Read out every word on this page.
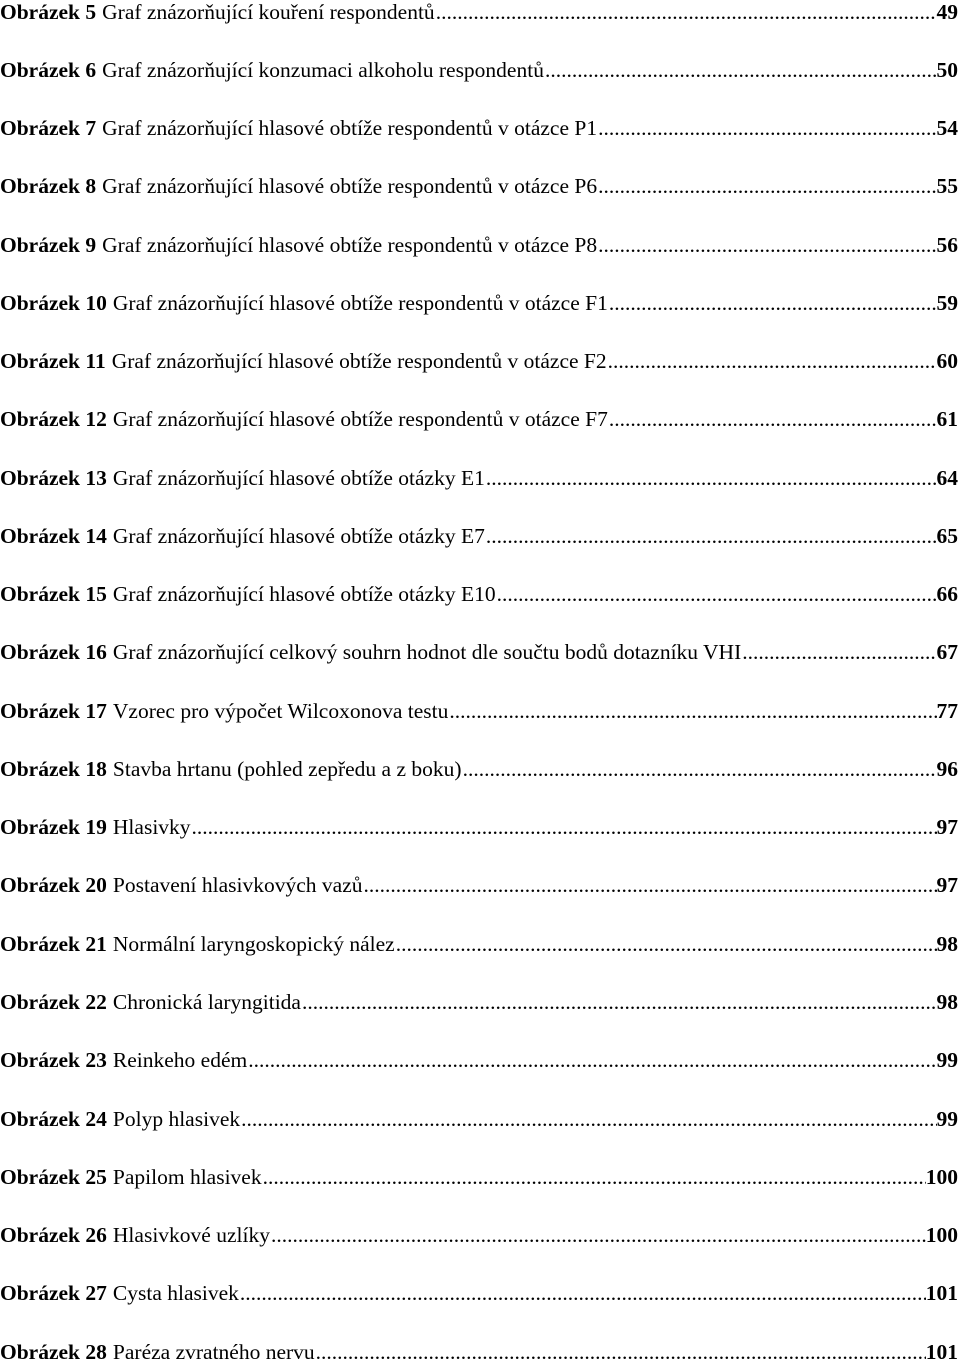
Obrázek 5 Graf znázorňující kouření respondentů .....	49
Obrázek 6 Graf znázorňující konzumaci alkoholu respondentů .....	50
Obrázek 7 Graf znázorňující hlasové obtíže respondentů v otázce P1 .....	54
Obrázek 8 Graf znázorňující hlasové obtíže respondentů v otázce P6 .....	55
Obrázek 9 Graf znázorňující hlasové obtíže respondentů v otázce P8 .....	56
Obrázek 10 Graf znázorňující hlasové obtíže respondentů v otázce F1 .....	59
Obrázek 11 Graf znázorňující hlasové obtíže respondentů v otázce F2 .....	60
Obrázek 12 Graf znázorňující hlasové obtíže respondentů v otázce F7 .....	61
Obrázek 13 Graf znázorňující hlasové obtíže otázky E1 .....	64
Obrázek 14 Graf znázorňující hlasové obtíže otázky E7 .....	65
Obrázek 15 Graf znázorňující hlasové obtíže otázky E10 .....	66
Obrázek 16 Graf znázorňující celkový souhrn hodnot dle součtu bodů dotazníku VHI .....	67
Obrázek 17 Vzorec pro výpočet Wilcoxonova testu .....	77
Obrázek 18 Stavba hrtanu (pohled zepředu a z boku) .....	96
Obrázek 19 Hlasivky .....	97
Obrázek 20 Postavení hlasivkových vazů .....	97
Obrázek 21 Normální laryngoskopický nález .....	98
Obrázek 22 Chronická laryngitida .....	98
Obrázek 23 Reinkeho edém .....	99
Obrázek 24 Polyp hlasivek .....	99
Obrázek 25 Papilom hlasivek .....	100
Obrázek 26 Hlasivkové uzlíky .....	100
Obrázek 27 Cysta hlasivek .....	101
Obrázek 28 Paréza zvratného nervu .....	101
